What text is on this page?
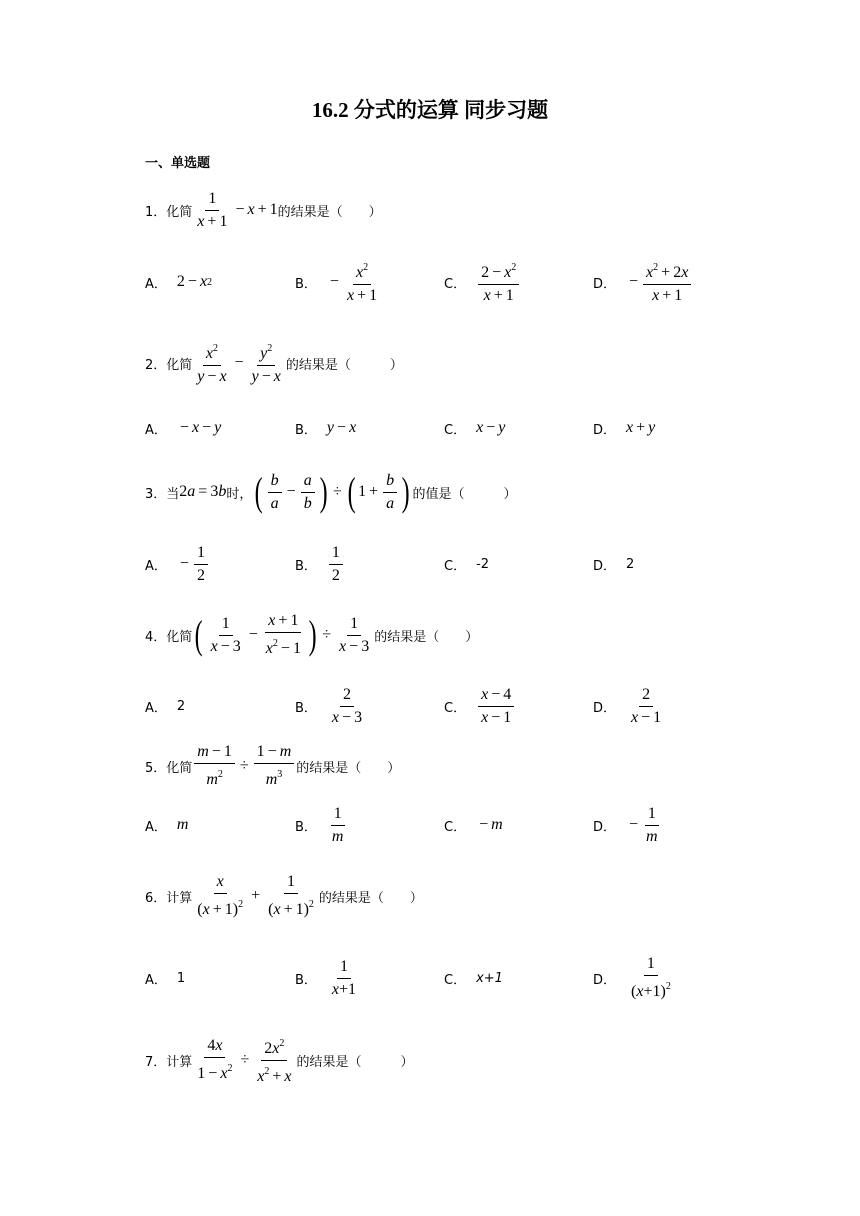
16.2 分式的运算 同步习题
一、单选题
1． 化简 $\frac{1}{x + 1} - x + 1$ 的结果是（　　）
A． 2 − x 2	B． − $\frac{x^2}{x + 1}$	C． $\frac{2 - x^2}{x + 1}$	D． − $\frac{x^2 + 2x}{x + 1}$
2． 化简 $\frac{x^2}{y - x} - \frac{y^2}{y - x}$ 的结果是（　　　）
A． − x − y	B． y − x	C． x − y	D． x + y
3． 当 2 a = 3 b 时， ( $\frac{b}{a} - \frac{a}{b}$ ) ÷ ( $1 + \frac{b}{a}$ ) 的值是（　　　）
A． − $\frac{1}{2}$	B． $\frac{1}{2}$	C． -2	D． 2
4． 化简 ( $\frac{1}{x - 3} - \frac{x + 1}{x^2 - 1}$ ) ÷ $\frac{1}{x - 3}$ 的结果是（　　）
A． 2	B． $\frac{2}{x - 3}$	C． $\frac{x - 4}{x - 1}$	D． $\frac{2}{x - 1}$
5． 化简 $\frac{m - 1}{m^2} \div \frac{1 - m}{m^3}$ 的结果是（　　）
A． m	B． $\frac{1}{m}$	C． − m	D． − $\frac{1}{m}$
6． 计算 $\frac{x}{(x + 1)^2} + \frac{1}{(x + 1)^2}$ 的结果是（　　）
A． 1	B． $\frac{1}{x+1}$	C． x+1	D． $\frac{1}{(x+1)^2}$
7． 计算 $\frac{4x}{1 - x^2} \div \frac{2x^2}{x^2 + x}$ 的结果是（　　　）
